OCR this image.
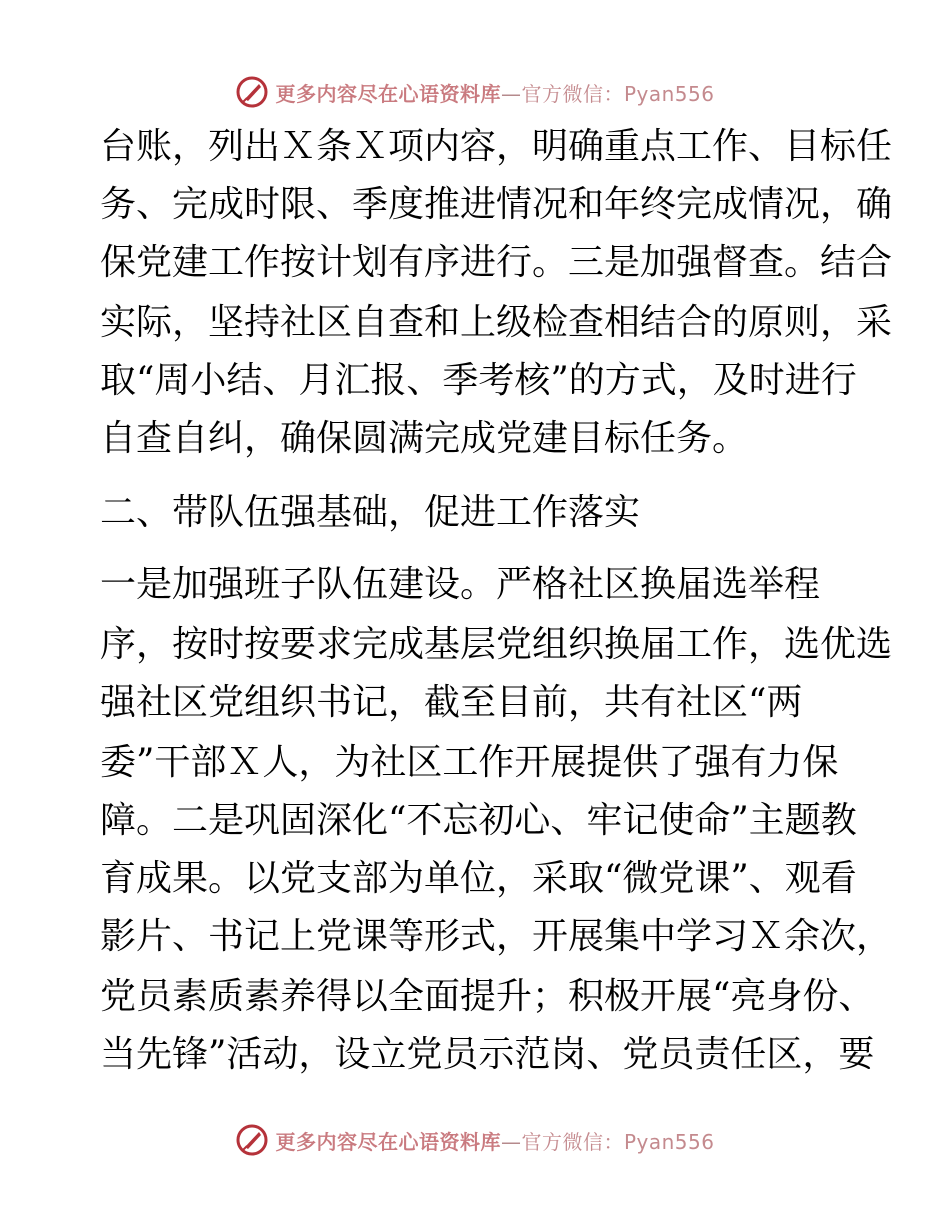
更多内容尽在心语资料库—官方微信：Pyan556
台账，列出Ｘ条Ｘ项内容，明确重点工作、目标任
务、完成时限、季度推进情况和年终完成情况，确
保党建工作按计划有序进行。三是加强督查。结合
实际，坚持社区自查和上级检查相结合的原则，采
取“周小结、月汇报、季考核”的方式，及时进行
自查自纠，确保圆满完成党建目标任务。
二、带队伍强基础，促进工作落实
一是加强班子队伍建设。严格社区换届选举程
序，按时按要求完成基层党组织换届工作，选优选
强社区党组织书记，截至目前，共有社区“两
委”干部Ｘ人，为社区工作开展提供了强有力保
障。二是巩固深化“不忘初心、牢记使命”主题教
育成果。以党支部为单位，采取“微党课”、观看
影片、书记上党课等形式，开展集中学习Ｘ余次，
党员素质素养得以全面提升；积极开展“亮身份、
当先锋”活动，设立党员示范岗、党员责任区，要
更多内容尽在心语资料库—官方微信：Pyan556
